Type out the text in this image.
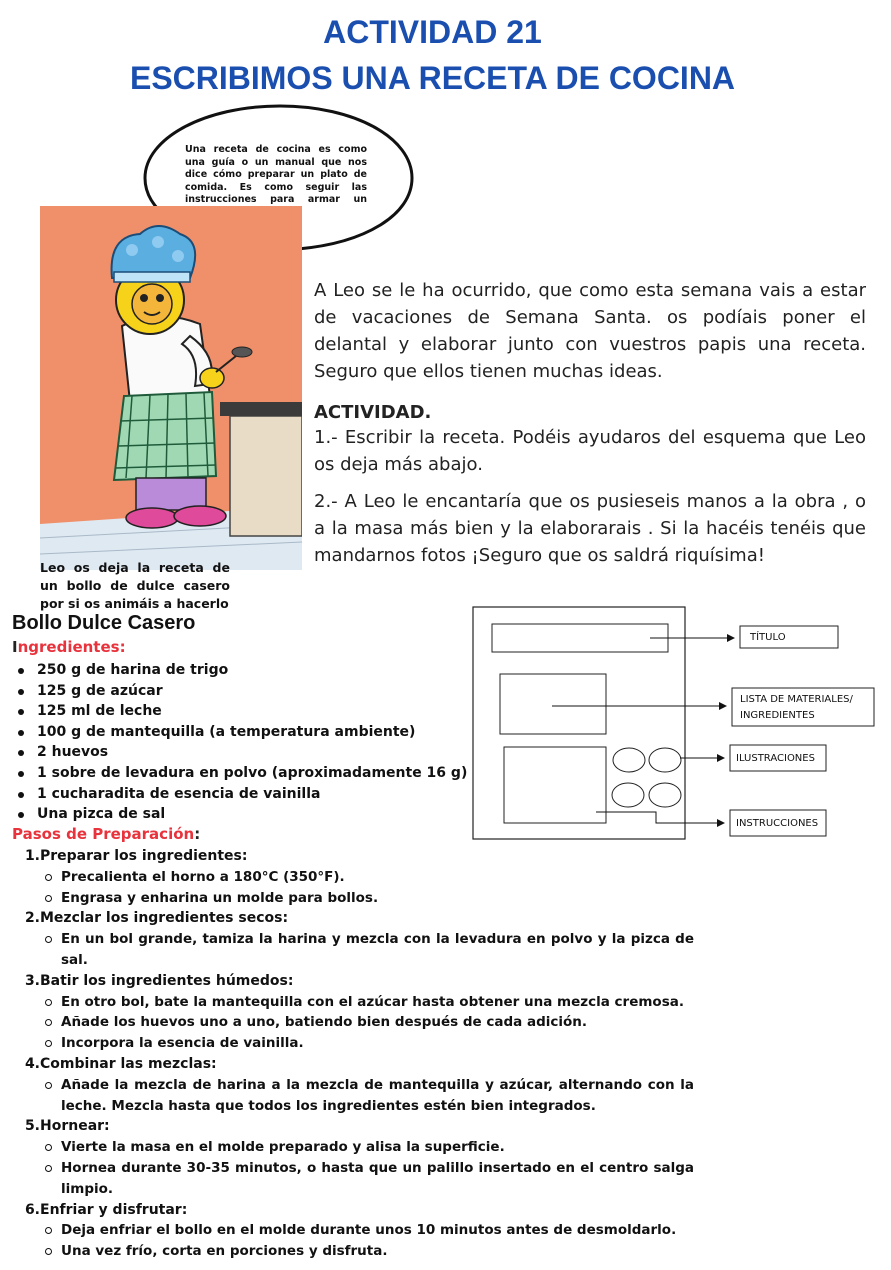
ACTIVIDAD 21
ESCRIBIMOS UNA RECETA DE COCINA
Una receta de cocina es como una guía o un manual que nos dice cómo preparar un plato de comida. Es como seguir las instrucciones para armar un
Leo os deja la receta de un bollo de dulce casero por si os animáis a hacerlo
A Leo se le ha ocurrido, que como esta semana vais a estar de vacaciones de Semana Santa. os podíais poner el delantal y elaborar junto con vuestros papis una receta. Seguro que ellos tienen muchas ideas.
ACTIVIDAD.
1.- Escribir la receta. Podéis ayudaros del esquema que Leo os deja más abajo.
2.- A Leo le encantaría que os pusieseis manos a la obra , o a la masa más bien y la elaborarais . Si la hacéis tenéis que mandarnos fotos ¡Seguro que os saldrá riquísima!
Bollo Dulce Casero
Ingredientes:
250 g de harina de trigo
125 g de azúcar
125 ml de leche
100 g de mantequilla (a temperatura ambiente)
2 huevos
1 sobre de levadura en polvo (aproximadamente 16 g)
1 cucharadita de esencia de vainilla
Una pizca de sal
Pasos de Preparación:
1.Preparar los ingredientes:
Precalienta el horno a 180°C (350°F).
Engrasa y enharina un molde para bollos.
2.Mezclar los ingredientes secos:
En un bol grande, tamiza la harina y mezcla con la levadura en polvo y la pizca de sal.
3.Batir los ingredientes húmedos:
En otro bol, bate la mantequilla con el azúcar hasta obtener una mezcla cremosa.
Añade los huevos uno a uno, batiendo bien después de cada adición.
Incorpora la esencia de vainilla.
4.Combinar las mezclas:
Añade la mezcla de harina a la mezcla de mantequilla y azúcar, alternando con la leche. Mezcla hasta que todos los ingredientes estén bien integrados.
5.Hornear:
Vierte la masa en el molde preparado y alisa la superficie.
Hornea durante 30-35 minutos, o hasta que un palillo insertado en el centro salga limpio.
6.Enfriar y disfrutar:
Deja enfriar el bollo en el molde durante unos 10 minutos antes de desmoldarlo.
Una vez frío, corta en porciones y disfruta.
TÍTULO
LISTA DE MATERIALES/
INGREDIENTES
ILUSTRACIONES
INSTRUCCIONES
